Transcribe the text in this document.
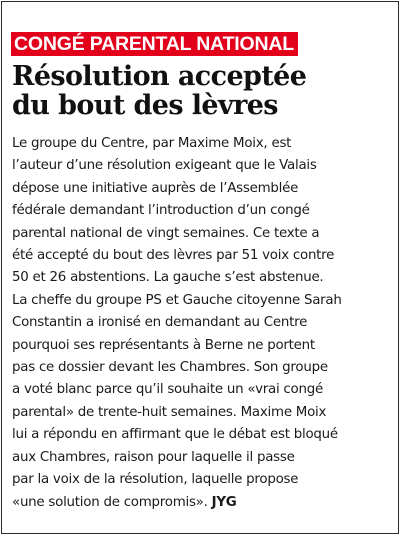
CONGÉ PARENTAL NATIONAL
Résolution acceptée
du bout des lèvres
Le groupe du Centre, par Maxime Moix, est
l’auteur d’une résolution exigeant que le Valais
dépose une initiative auprès de l’Assemblée
fédérale demandant l’introduction d’un congé
parental national de vingt semaines. Ce texte a
été accepté du bout des lèvres par 51 voix contre
50 et 26 abstentions. La gauche s’est abstenue.
La cheffe du groupe PS et Gauche citoyenne Sarah
Constantin a ironisé en demandant au Centre
pourquoi ses représentants à Berne ne portent
pas ce dossier devant les Chambres. Son groupe
a voté blanc parce qu’il souhaite un «vrai congé
parental» de trente-huit semaines. Maxime Moix
lui a répondu en affirmant que le débat est bloqué
aux Chambres, raison pour laquelle il passe
par la voix de la résolution, laquelle propose
«une solution de compromis». JYG
